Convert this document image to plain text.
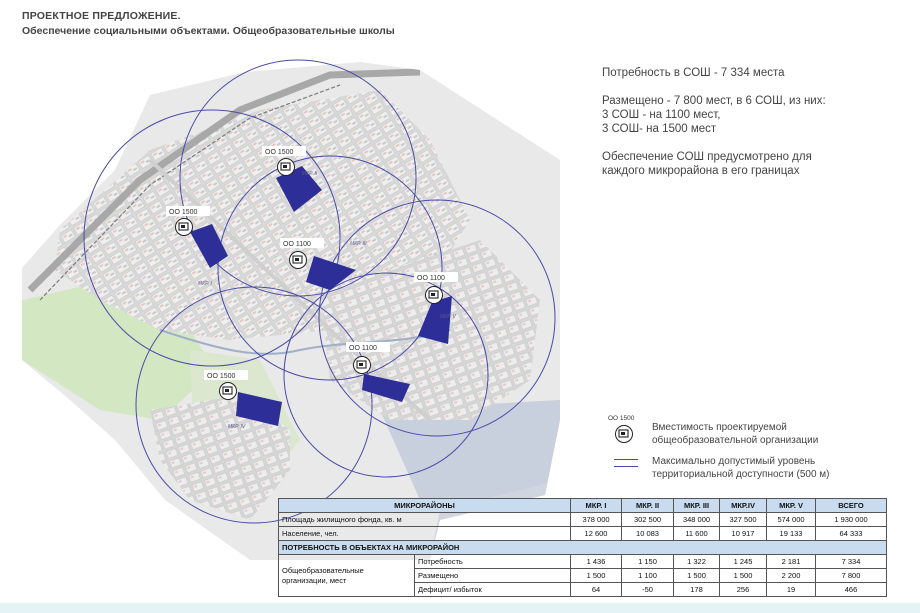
ПРОЕКТНОЕ ПРЕДЛОЖЕНИЕ.
Обеспечение социальными объектами. Общеобразовательные школы
ОО 1500
ОО 1500
ОО 1100
ОО 1100
ОО 1100
ОО 1500
МКР. I
МКР. II
МКР. III
МКР. IV
МКР. V
Потребность в СОШ - 7 334 места
Размещено - 7 800 мест, в 6 СОШ, из них:
3 СОШ - на 1100 мест,
3 СОШ- на 1500 мест
Обеспечение СОШ предусмотрено для
каждого микрорайона в его границах
ОО 1500
Вместимость проектируемой
общеобразовательной организации
Максимально допустимый уровень
территориальной доступности (500 м)
МИКРОРАЙОНЫ		МКР. I	МКР. II	МКР. III	МКР.IV	МКР. V	ВСЕГО
Площадь жилищного фонда, кв. м		378 000	302 500	348 000	327 500	574 000	1 930 000
Население, чел.		12 600	10 083	11 600	10 917	19 133	64 333
ПОТРЕБНОСТЬ В ОБЪЕКТАХ НА МИКРОРАЙОН							
Общеобразовательные
организации, мест	Потребность	1 436	1 150	1 322	1 245	2 181	7 334
	Размещено	1 500	1 100	1 500	1 500	2 200	7 800
	Дефицит/ избыток	64	-50	178	256	19	466
